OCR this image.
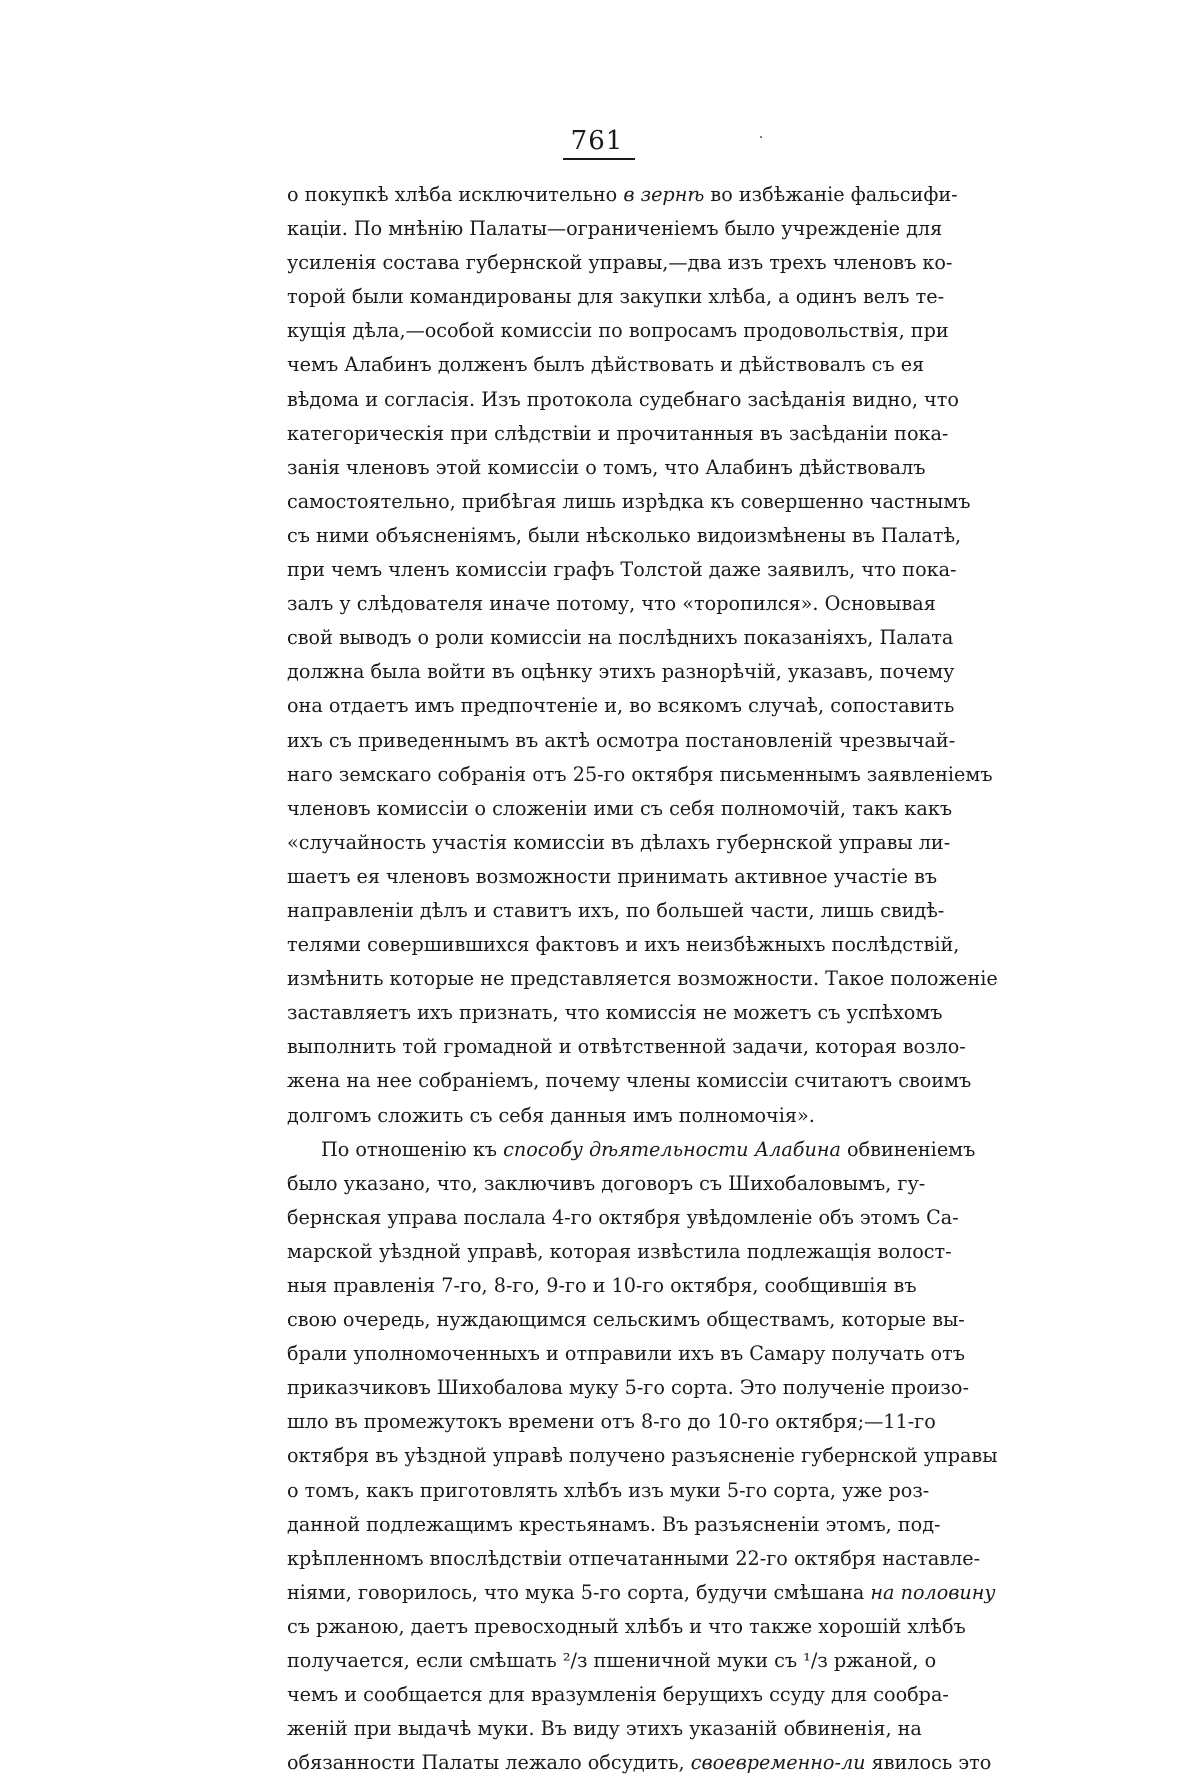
761
о покупкѣ хлѣба исключительно в зернѣ во избѣжаніе фальсифи-
каціи. По мнѣнію Палаты—ограниченіемъ было учрежденіе для
усиленія состава губернской управы,—два изъ трехъ членовъ ко-
торой были командированы для закупки хлѣба, а одинъ велъ те-
кущія дѣла,—особой комиссіи по вопросамъ продовольствія, при
чемъ Алабинъ долженъ былъ дѣйствовать и дѣйствовалъ съ ея
вѣдома и согласія. Изъ протокола судебнаго засѣданія видно, что
категорическія при слѣдствіи и прочитанныя въ засѣданіи пока-
занія членовъ этой комиссіи о томъ, что Алабинъ дѣйствовалъ
самостоятельно, прибѣгая лишь изрѣдка къ совершенно частнымъ
съ ними объясненіямъ, были нѣсколько видоизмѣнены въ Палатѣ,
при чемъ членъ комиссіи графъ Толстой даже заявилъ, что пока-
залъ у слѣдователя иначе потому, что «торопился». Основывая
свой выводъ о роли комиссіи на послѣднихъ показаніяхъ, Палата
должна была войти въ оцѣнку этихъ разнорѣчій, указавъ, почему
она отдаетъ имъ предпочтеніе и, во всякомъ случаѣ, сопоставить
ихъ съ приведеннымъ въ актѣ осмотра постановленій чрезвычай-
наго земскаго собранія отъ 25-го октября письменнымъ заявленіемъ
членовъ комиссіи о сложеніи ими съ себя полномочій, такъ какъ
«случайность участія комиссіи въ дѣлахъ губернской управы ли-
шаетъ ея членовъ возможности принимать активное участіе въ
направленіи дѣлъ и ставитъ ихъ, по большей части, лишь свидѣ-
телями совершившихся фактовъ и ихъ неизбѣжныхъ послѣдствій,
измѣнить которые не представляется возможности. Такое положеніе
заставляетъ ихъ признать, что комиссія не можетъ съ успѣхомъ
выполнить той громадной и отвѣтственной задачи, которая возло-
жена на нее собраніемъ, почему члены комиссіи считаютъ своимъ
долгомъ сложить съ себя данныя имъ полномочія».
По отношенію къ способу дѣятельности Алабина обвиненіемъ
было указано, что, заключивъ договоръ съ Шихобаловымъ, гу-
бернская управа послала 4-го октября увѣдомленіе объ этомъ Са-
марской уѣздной управѣ, которая извѣстила подлежащія волост-
ныя правленія 7-го, 8-го, 9-го и 10-го октября, сообщившія въ
свою очередь, нуждающимся сельскимъ обществамъ, которые вы-
брали уполномоченныхъ и отправили ихъ въ Самару получать отъ
приказчиковъ Шихобалова муку 5-го сорта. Это полученіе произо-
шло въ промежутокъ времени отъ 8-го до 10-го октября;—11-го
октября въ уѣздной управѣ получено разъясненіе губернской управы
о томъ, какъ приготовлять хлѣбъ изъ муки 5-го сорта, уже роз-
данной подлежащимъ крестьянамъ. Въ разъясненіи этомъ, под-
крѣпленномъ впослѣдствіи отпечатанными 22-го октября наставле-
ніями, говорилось, что мука 5-го сорта, будучи смѣшана на половину
съ ржаною, даетъ превосходный хлѣбъ и что также хорошій хлѣбъ
получается, если смѣшать ²/з пшеничной муки съ ¹/з ржаной, о
чемъ и сообщается для вразумленія берущихъ ссуду для сообра-
женій при выдачѣ муки. Въ виду этихъ указаній обвиненія, на
обязанности Палаты лежало обсудить, своевременно-ли явилось это
